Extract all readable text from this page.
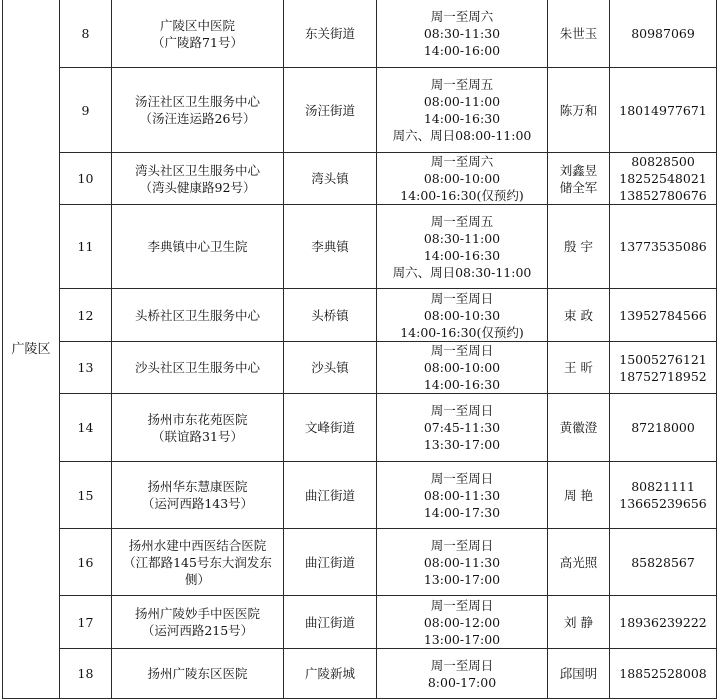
广陵区	8	广陵区中医院
（广陵路71号）	东关街道	周一至周六
08:30-11:30
14:00-16:00	朱世玉	80987069

	9	汤汪社区卫生服务中心
（汤汪连运路26号）	汤汪街道	周一至周五
08:00-11:00
14:00-16:30
周六、周日08:00-11:00	陈万和	18014977671

	10	湾头社区卫生服务中心
（湾头健康路92号）	湾头镇	周一至周六
08:00-10:00
14:00-16:30(仅预约)	刘鑫昱
储全军	80828500
18252548021
13852780676

	11	李典镇中心卫生院	李典镇	周一至周五
08:30-11:00
14:00-16:30
周六、周日08:30-11:00	殷 宇	13773535086

	12	头桥社区卫生服务中心	头桥镇	周一至周日
08:00-10:30
14:00-16:30(仅预约)	束 政	13952784566

	13	沙头社区卫生服务中心	沙头镇	周一至周日
08:00-10:00
14:00-16:30	王 昕	15005276121
18752718952

	14	扬州市东花苑医院
（联谊路31号）	文峰街道	周一至周日
07:45-11:30
13:30-17:00	黄徽澄	87218000

	15	扬州华东慧康医院
（运河西路143号）	曲江街道	周一至周日
08:00-11:30
14:00-17:30	周 艳	80821111
13665239656

	16	扬州水建中西医结合医院
（江都路145号东大润发东
侧）	曲江街道	周一至周日
08:00-11:30
13:00-17:00	高光照	85828567

	17	扬州广陵妙手中医医院
（运河西路215号）	曲江街道	周一至周日
08:00-12:00
13:00-17:00	刘 静	18936239222

	18	扬州广陵东区医院	广陵新城	周一至周日
8:00-17:00	邱国明	18852528008
